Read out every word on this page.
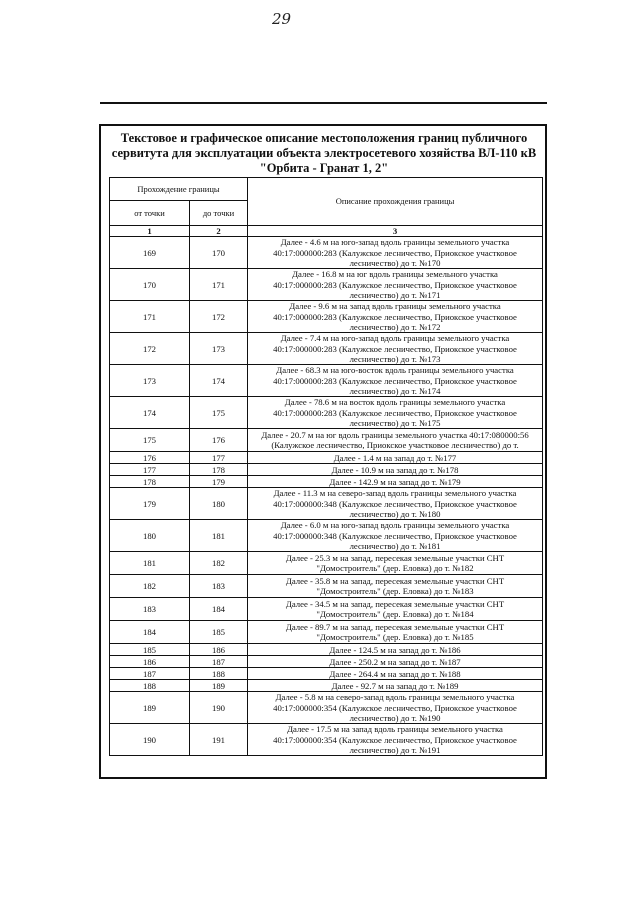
29
Текстовое и графическое описание местоположения границ публичного
сервитута для эксплуатации объекта электросетевого хозяйства ВЛ-110 кВ
"Орбита - Гранат 1, 2"
Прохождение границы		Описание прохождения границы
от точки	до точки	
1	2	3
169	170	Далее - 4.6 м на юго-запад вдоль границы земельного участка
40:17:000000:283 (Калужское лесничество, Приокское участковое
лесничество) до т. №170

170	171	Далее - 16.8 м на юг вдоль границы земельного участка
40:17:000000:283 (Калужское лесничество, Приокское участковое
лесничество) до т. №171

171	172	Далее - 9.6 м на запад вдоль границы земельного участка
40:17:000000:283 (Калужское лесничество, Приокское участковое
лесничество) до т. №172

172	173	Далее - 7.4 м на юго-запад вдоль границы земельного участка
40:17:000000:283 (Калужское лесничество, Приокское участковое
лесничество) до т. №173

173	174	Далее - 68.3 м на юго-восток вдоль границы земельного участка
40:17:000000:283 (Калужское лесничество, Приокское участковое
лесничество) до т. №174

174	175	Далее - 78.6 м на восток вдоль границы земельного участка
40:17:000000:283 (Калужское лесничество, Приокское участковое
лесничество) до т. №175

175	176	Далее - 20.7 м на юг вдоль границы земельного участка 40:17:080000:56
(Калужское лесничество, Приокское участковое лесничество) до т.

176	177	Далее - 1.4 м на запад до т. №177

177	178	Далее - 10.9 м на запад до т. №178

178	179	Далее - 142.9 м на запад до т. №179

179	180	Далее - 11.3 м на северо-запад вдоль границы земельного участка
40:17:000000:348 (Калужское лесничество, Приокское участковое
лесничество) до т. №180

180	181	Далее - 6.0 м на юго-запад вдоль границы земельного участка
40:17:000000:348 (Калужское лесничество, Приокское участковое
лесничество) до т. №181

181	182	Далее - 25.3 м на запад, пересекая земельные участки СНТ
"Домостроитель" (дер. Еловка) до т. №182

182	183	Далее - 35.8 м на запад, пересекая земельные участки СНТ
"Домостроитель" (дер. Еловка) до т. №183

183	184	Далее - 34.5 м на запад, пересекая земельные участки СНТ
"Домостроитель" (дер. Еловка) до т. №184

184	185	Далее - 89.7 м на запад, пересекая земельные участки СНТ
"Домостроитель" (дер. Еловка) до т. №185

185	186	Далее - 124.5 м на запад до т. №186

186	187	Далее - 250.2 м на запад до т. №187

187	188	Далее - 264.4 м на запад до т. №188

188	189	Далее - 92.7 м на запад до т. №189

189	190	Далее - 5.8 м на северо-запад вдоль границы земельного участка
40:17:000000:354 (Калужское лесничество, Приокское участковое
лесничество) до т. №190

190	191	Далее - 17.5 м на запад вдоль границы земельного участка
40:17:000000:354 (Калужское лесничество, Приокское участковое
лесничество) до т. №191
